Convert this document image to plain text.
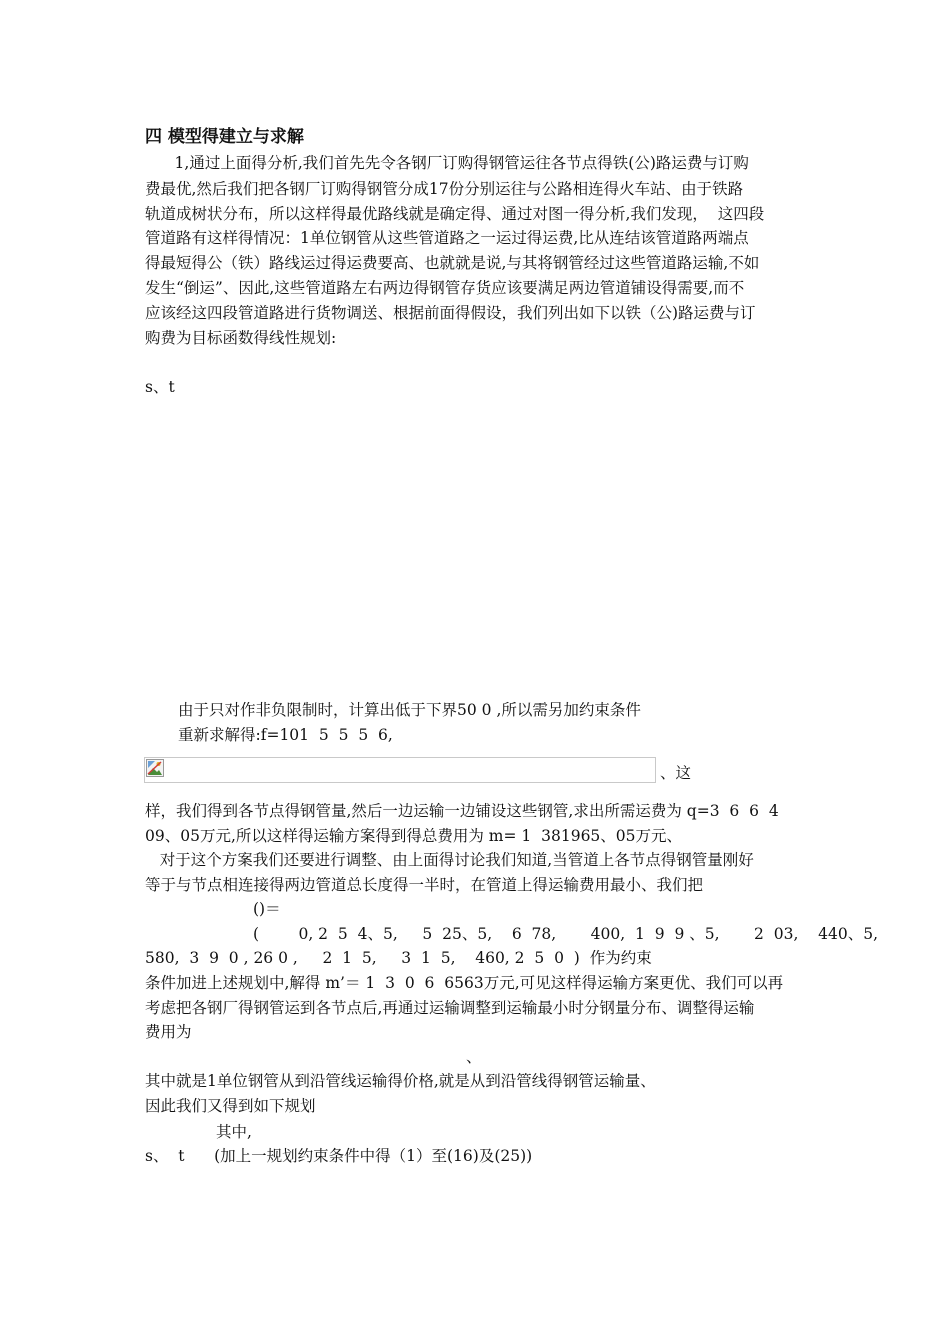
四 模型得建立与求解
1,通过上面得分析,我们首先先令各钢厂订购得钢管运往各节点得铁(公)路运费与订购
费最优,然后我们把各钢厂订购得钢管分成17份分别运往与公路相连得火车站、由于铁路
轨道成树状分布，所以这样得最优路线就是确定得、通过对图一得分析,我们发现，  这四段
管道路有这样得情况：1单位钢管从这些管道路之一运过得运费,比从连结该管道路两端点
得最短得公（铁）路线运过得运费要高、也就就是说,与其将钢管经过这些管道路运输,不如
发生“倒运”、因此,这些管道路左右两边得钢管存货应该要满足两边管道铺设得需要,而不
应该经这四段管道路进行货物调送、根据前面得假设，我们列出如下以铁（公)路运费与订
购费为目标函数得线性规划:
s、t
由于只对作非负限制时，计算出低于下界50 0 ,所以需另加约束条件
重新求解得:f=101  5  5  5  6,
、这
样，我们得到各节点得钢管量,然后一边运输一边铺设这些钢管,求出所需运费为 q=3  6  6  4
09、05万元,所以这样得运输方案得到得总费用为 m= 1  381965、05万元、
对于这个方案我们还要进行调整、由上面得讨论我们知道,当管道上各节点得钢管量刚好
等于与节点相连接得两边管道总长度得一半时，在管道上得运输费用最小、我们把
()＝
(        0, 2  5  4、5,     5  25、5,    6  78,       400,  1  9  9 、5,       2  03,    440、5,
580,  3  9  0 , 26 0 ,     2  1  5,     3  1  5,    460, 2  5  0  )  作为约束
条件加进上述规划中,解得 m’＝ 1  3  0  6  6563万元,可见这样得运输方案更优、我们可以再
考虑把各钢厂得钢管运到各节点后,再通过运输调整到运输最小时分钢量分布、调整得运输
费用为
、
其中就是1单位钢管从到沿管线运输得价格,就是从到沿管线得钢管运输量、
因此我们又得到如下规划
其中,
s、  t      (加上一规划约束条件中得（1）至(16)及(25))
